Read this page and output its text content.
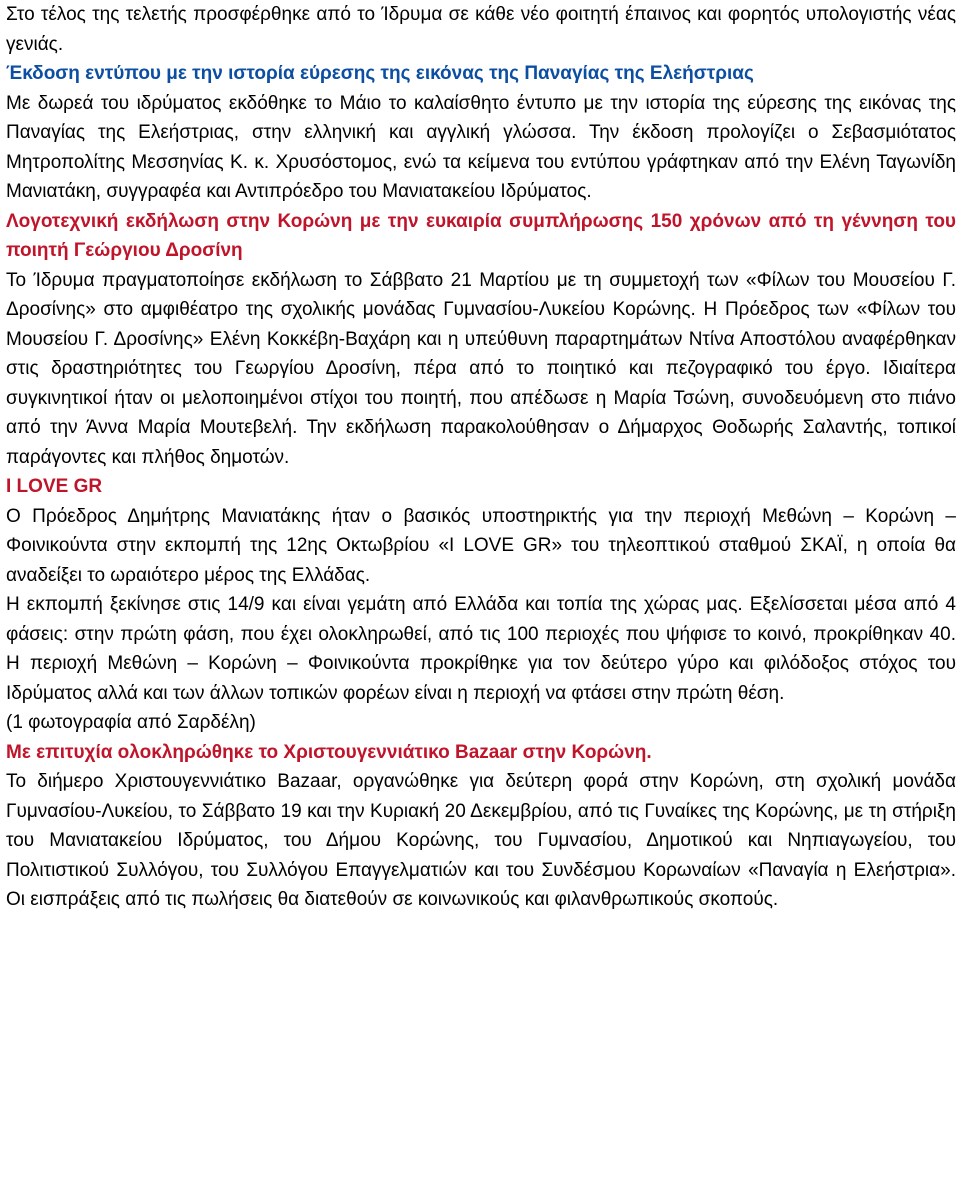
Στο τέλος της τελετής προσφέρθηκε από το Ίδρυμα σε κάθε νέο φοιτητή έπαινος και φορητός υπολογιστής νέας γενιάς.

Έκδοση εντύπου με την ιστορία εύρεσης της εικόνας της Παναγίας της Ελεήστριας

Με δωρεά του ιδρύματος εκδόθηκε το Μάιο το καλαίσθητο έντυπο με την ιστορία της εύρεσης της εικόνας της Παναγίας της Ελεήστριας, στην ελληνική και αγγλική γλώσσα. Την έκδοση προλογίζει ο Σεβασμιότατος Μητροπολίτης Μεσσηνίας Κ. κ. Χρυσόστομος, ενώ τα κείμενα του εντύπου γράφτηκαν από την Ελένη Ταγωνίδη Μανιατάκη, συγγραφέα και Αντιπρόεδρο του Μανιατακείου Ιδρύματος.

Λογοτεχνική εκδήλωση στην Κορώνη με την ευκαιρία συμπλήρωσης 150 χρόνων από τη γέννηση του ποιητή Γεώργιου Δροσίνη

Το Ίδρυμα πραγματοποίησε εκδήλωση το Σάββατο 21 Μαρτίου με τη συμμετοχή των «Φίλων του Μουσείου Γ. Δροσίνης» στο αμφιθέατρο της σχολικής μονάδας Γυμνασίου-Λυκείου Κορώνης. Η Πρόεδρος των «Φίλων του Μουσείου Γ. Δροσίνης» Ελένη Κοκκέβη-Βαχάρη και η υπεύθυνη παραρτημάτων Ντίνα Αποστόλου αναφέρθηκαν στις δραστηριότητες του Γεωργίου Δροσίνη, πέρα από το ποιητικό και πεζογραφικό του έργο. Ιδιαίτερα συγκινητικοί ήταν οι μελοποιημένοι στίχοι του ποιητή, που απέδωσε η Μαρία Τσώνη, συνοδευόμενη στο πιάνο από την Άννα Μαρία Μουτεβελή. Την εκδήλωση παρακολούθησαν ο Δήμαρχος Θοδωρής Σαλαντής, τοπικοί παράγοντες και πλήθος δημοτών.

I LOVE GR

Ο Πρόεδρος Δημήτρης Μανιατάκης ήταν ο βασικός υποστηρικτής για την περιοχή Μεθώνη – Κορώνη – Φοινικούντα στην εκπομπή της 12ης Οκτωβρίου «I LOVE GR» του τηλεοπτικού σταθμού ΣΚΑΪ, η οποία θα αναδείξει το ωραιότερο μέρος της Ελλάδας.

Η εκπομπή ξεκίνησε στις 14/9 και είναι γεμάτη από Ελλάδα και τοπία της χώρας μας. Εξελίσσεται μέσα από 4 φάσεις: στην πρώτη φάση, που έχει ολοκληρωθεί, από τις 100 περιοχές που ψήφισε το κοινό, προκρίθηκαν 40. Η περιοχή Μεθώνη – Κορώνη – Φοινικούντα προκρίθηκε για τον δεύτερο γύρο και φιλόδοξος στόχος του Ιδρύματος αλλά και των άλλων τοπικών φορέων είναι η περιοχή να φτάσει στην πρώτη θέση.

(1 φωτογραφία από Σαρδέλη)

Με επιτυχία ολοκληρώθηκε το Χριστουγεννιάτικο Bazaar στην Κορώνη.

Το διήμερο Χριστουγεννιάτικο Bazaar, οργανώθηκε για δεύτερη φορά στην Κορώνη, στη σχολική μονάδα Γυμνασίου-Λυκείου, το Σάββατο 19 και την Κυριακή 20 Δεκεμβρίου, από τις Γυναίκες της Κορώνης, με τη στήριξη του Μανιατακείου Ιδρύματος, του Δήμου Κορώνης, του Γυμνασίου, Δημοτικού και Νηπιαγωγείου, του Πολιτιστικού Συλλόγου, του Συλλόγου Επαγγελματιών και του Συνδέσμου Κορωναίων «Παναγία η Ελεήστρια». Οι εισπράξεις από τις πωλήσεις θα διατεθούν σε κοινωνικούς και φιλανθρωπικούς σκοπούς.
